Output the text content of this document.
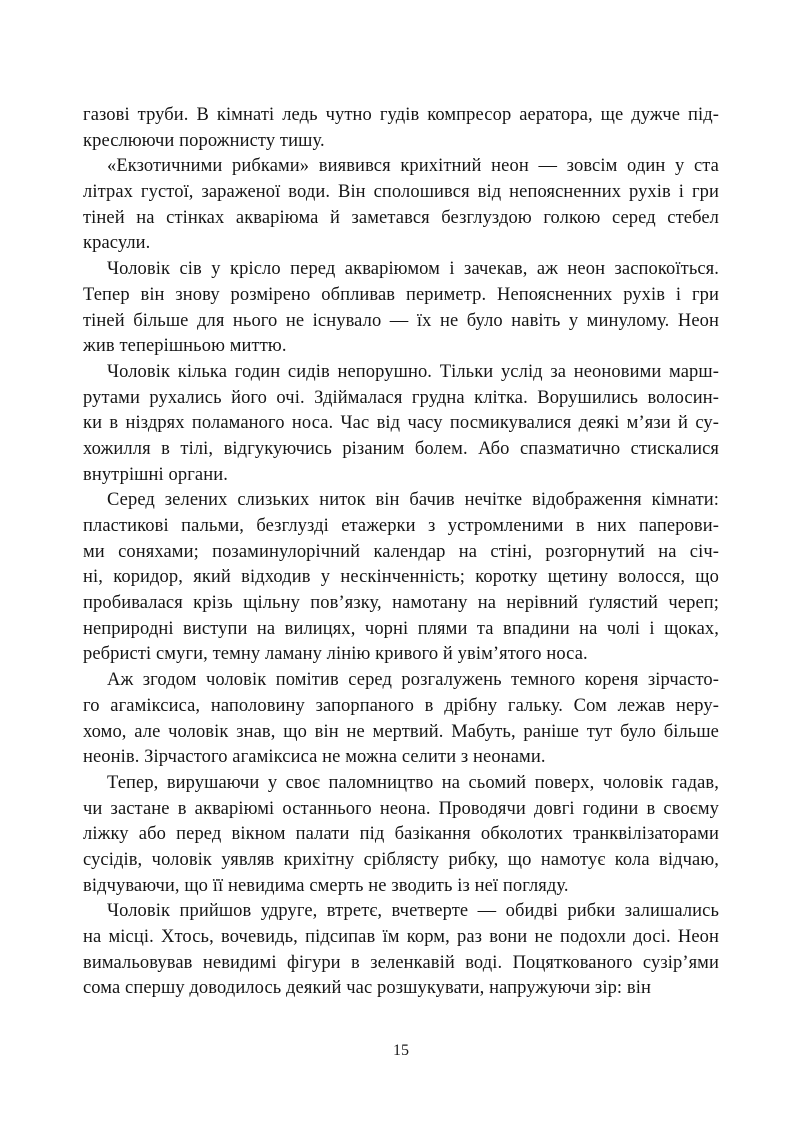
газові труби. В кімнаті ледь чутно гудів компресор аератора, ще дужче під-
креслюючи порожнисту тишу.
«Екзотичними рибками» виявився крихітний неон — зовсім один у ста
літрах густої, зараженої води. Він сполошився від непоясненних рухів і гри
тіней на стінках акваріюма й заметався безглуздою голкою серед стебел
красули.
Чоловік сів у крісло перед акваріюмом і зачекав, аж неон заспокоїться.
Тепер він знову розмірено обпливав периметр. Непоясненних рухів і гри
тіней більше для нього не існувало — їх не було навіть у минулому. Неон
жив теперішньою миттю.
Чоловік кілька годин сидів непорушно. Тільки услід за неоновими марш-
рутами рухались його очі. Здіймалася грудна клітка. Ворушились волосин-
ки в ніздрях поламаного носа. Час від часу посмикувалися деякі м’язи й су-
хожилля в тілі, відгукуючись різаним болем. Або спазматично стискалися
внутрішні органи.
Серед зелених слизьких ниток він бачив нечітке відображення кімнати:
пластикові пальми, безглузді етажерки з устромленими в них паперови-
ми соняхами; позаминулорічний календар на стіні, розгорнутий на січ-
ні, коридор, який відходив у нескінченність; коротку щетину волосся, що
пробивалася крізь щільну пов’язку, намотану на нерівний ґулястий череп;
неприродні виступи на вилицях, чорні плями та впадини на чолі і щоках,
ребристі смуги, темну ламану лінію кривого й увім’ятого носа.
Аж згодом чоловік помітив серед розгалужень темного кореня зірчасто-
го агаміксиса, наполовину запорпаного в дрібну гальку. Сом лежав неру-
хомо, але чоловік знав, що він не мертвий. Мабуть, раніше тут було більше
неонів. Зірчастого агаміксиса не можна селити з неонами.
Тепер, вирушаючи у своє паломництво на сьомий поверх, чоловік гадав,
чи застане в акваріюмі останнього неона. Проводячи довгі години в своєму
ліжку або перед вікном палати під базікання обколотих транквілізаторами
сусідів, чоловік уявляв крихітну сріблясту рибку, що намотує кола відчаю,
відчуваючи, що її невидима смерть не зводить із неї погляду.
Чоловік прийшов удруге, втретє, вчетверте — обидві рибки залишались
на місці. Хтось, вочевидь, підсипав їм корм, раз вони не подохли досі. Неон
вимальовував невидимі фігури в зеленкавій воді. Поцяткованого сузір’ями
сома спершу доводилось деякий час розшукувати, напружуючи зір: він
15
